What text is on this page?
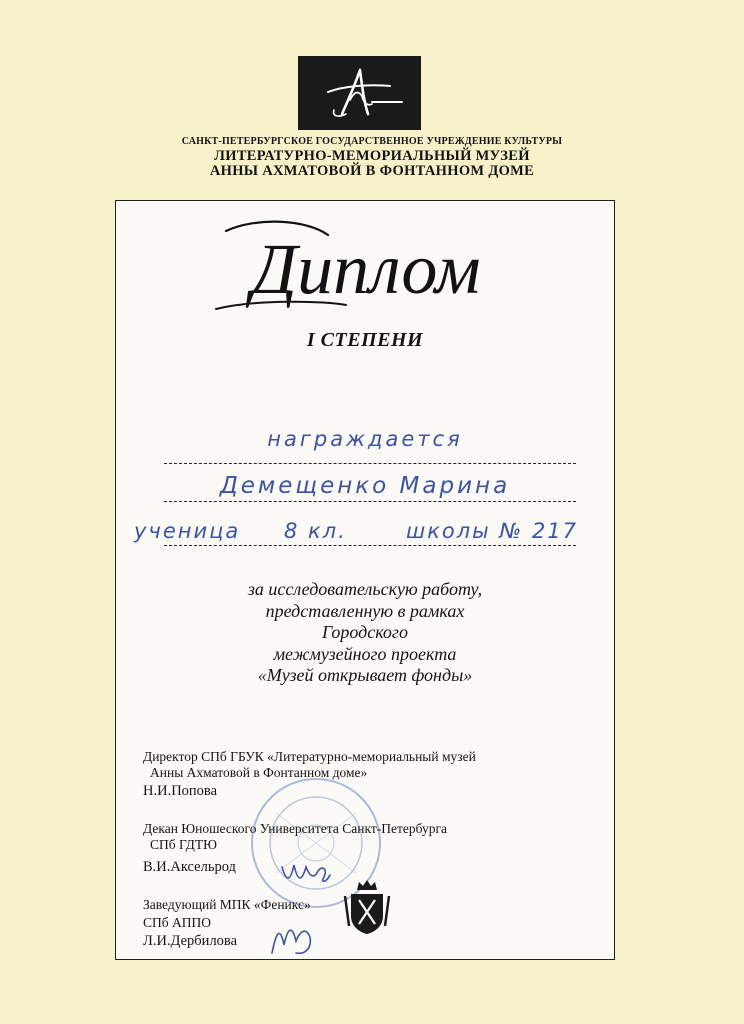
САНКТ-ПЕТЕРБУРГСКОЕ ГОСУДАРСТВЕННОЕ УЧРЕЖДЕНИЕ КУЛЬТУРЫ
ЛИТЕРАТУРНО-МЕМОРИАЛЬНЫЙ МУЗЕЙ
АННЫ АХМАТОВОЙ В ФОНТАННОМ ДОМЕ
Диплом
I СТЕПЕНИ
награждается
Демещенко Марина
ученица 8 кл.	школы № 217
за исследовательскую работу,
представленную в рамках
Городского
межмузейного проекта
«Музей открывает фонды»
Директор СПб ГБУК «Литературно-мемориальный музей
Анны Ахматовой в Фонтанном доме»
Н.И.Попова
Декан Юношеского Университета Санкт-Петербурга
СПб ГДТЮ
В.И.Аксельрод
Заведующий МПК «Феникс»
СПб АППО
Л.И.Дербилова
